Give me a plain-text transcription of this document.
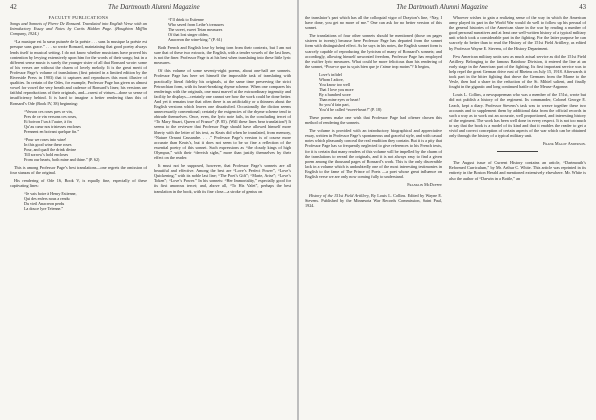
42	The Dartmouth Alumni Magazine
FACULTY PUBLICATIONS

Songs and Sonnets of Pierre De Ronsard. Translated into English Verse with an Introductory Essay and Notes by Curtis Hidden Page. (Houghton Mifflin Company, 1924.)

“La musique est la sœur puisnée de la poésie . . . sans la musique la poésie est presque sans grace.” . . . so wrote Ronsard, maintaining that good poetry always lends itself to musical setting. I do not know whether musicians have proved his contention by levying extensively upon him for the words of their songs; but in a different sense music is surely the younger sister of all that Ronsard wrote: some of his verses are without the charm of lovely melody. It is the great merit of Professor Page’s volume of translations (first printed in a limited edition by the Riverside Press in 1903) that it captures and reproduces this most illusive of qualities. In certain of the Odes, for example, Professor Page has given us almost vowel for vowel the very breath and cadence of Ronsard’s lines; his versions are faithful reproductions of their originals, and—rarest of virtues—done so sense of insufficiency behind. It is hard to imagine a better rendering than this of Ronsard’s Ode (Book IV, 38) beginning:

“Verson ces roses pres ce vin,
Pres de ce vin versons ces roses,
Et boivon l’un à l’autre, à fin
Qu’au cœur nos tristesses encloses
Prennent en boivant quelque fin.”
“Pour we roses into wine!
In this good wine these roses
Pour, and quaff the drink divine
Till sorrow’s hold encloses
From our hearts, both mine and thine.” (P. 62)

This is among Professor Page’s best translations—one regrets the omission of four stanzas of the original.

His rendering of Ode 16, Book V, is equally fine, especially of these captivating lines:

“Je vais boire à Henry Estienne,
Qui des enfers nous a rendu
Du vieil Anacreon perdu
La douce lyre Teïenne.”
“I’ll drink to Estienne
Who saved from Lethe’s treasures
The sweet, sweet Teian measures
Of that lost singer olden,
Anacreon the wine-king.” (P. 61)

Both French and English lose by being torn from their contexts, but I am not sure that of these two extracts, the English, with a tender vowels of the last lines, is not the finer. Professor Page is at his best when translating into these little lyric measures.

Of this volume of some seventy-eight poems, about one-half are sonnets. Professor Page has here set himself the impossible task of translating with practically literal fidelity his originals, at the same time preserving the strict Petrarchian form, with its heart-breaking rhyme scheme. When one compares his renderings with the originals, one must marvel at the extraordinary ingenuity and facility he displays—certainly one cannot see how the work could be done better. And yet it remains true that often there is an artificiality or a thinness about the English versions which leaves one dissatisfied. Occasionally the diction seems unnecessarily conventional; certainly the exigencies of the rhyme scheme tend to obtrude themselves. Once, even, the lyric note fails, in the concluding tercet of “To Mary Stuart, Queen of France” (P. 85). (Will these lines bear translation?) It seems to the reviewer that Professor Page should have allowed himself more liberty with the letter of his text, as Keats did when he translated, from memory, “Nature Ornant Cassandre. . . .” Professor Page’s version is of course more accurate than Keats’s, but it does not seem to be so fine a reflection of the essential poetry of this sonnet. Such expressions as “the cloudy kings of high Olympus,” with their “dervish sighs,” more than justify themselves by their effect on the reader.

It must not be supposed, however, that Professor Page’s sonnets are all beautiful and effective. Among the best are “Love’s Perfect Power”, “Love’s Quickening,” with its noble last line; “The Poet’s Gift”; “Marie, Arise”; “Love’s Token”; “Love’s Power.” In his sonnets: “Her Immortality,” especially good for its first amorous tercet; and, above all, “To His Valet”, perhaps the best translation in the book, with its fine close—a stroke of genius on

The Dartmouth Alumni Magazine	43

the translator’s part which has all the colloquial vigor of Drayton’s line, “Nay, I have done, you get no more of me.” One can ask for no better version of this sonnet.

The translations of four other sonnets should be mentioned (those on pages sixteen to twenty) because here Professor Page has departed from the sonnet form with distinguished effect. As he says in his notes, the English sonnet form is scarcely capable of reproducing the lyricism of many of Ronsard’s sonnets; and accordingly, allowing himself unwonted freedom, Professor Page has employed the swifter lyric measures. What could be more felicitous than his rendering of the sonnet, “Pour-ce que tu sçais bien que je t’aime trop moins”? It begins,

Love’s infidel
Whom I adore,
You know too well
That I love you more
By a hundred score
Than mine eyes or heart!
So you’d fain part,
You’d be called “sweet-heart!” (P. 18)

These poems make one wish that Professor Page had oftener chosen this method of rendering the sonnets.

The volume is provided with an introductory biographical and appreciative essay, written in Professor Page’s spontaneous and graceful style, and with casual notes which pleasantly conceal the real erudition they contain. But it is a pity that Professor Page has so frequently neglected to give references to his French texts, for it is certain that many readers of this volume will be impelled by the charm of the translations to reread the originals, and it is not always easy to find a given poem among the thousand pages of Ronsard’s work. This is the only discernible lack in a volume which is undoubtedly one of the most interesting testimonies in English to the fame of The Prince of Poets —a poet whose great influence on English verse we are only now coming fully to understand.

Franklin McDuffee

History of the 151st Field Artillery, By Louis L. Collins. Edited by Wayne E. Stevens. Published by the Minnesota War Records Commission, Saint Paul, 1924.

Whoever wishes to gain a realizing sense of the way in which the American army played its part in the World War would do well to follow up his perusal of the general histories of the American share in the war by reading a number of good personal narratives and at least one well-written history of a typical military unit which took a considerable part in the fighting. For the latter purpose he can scarcely do better than to read the History of the 151st Field Artillery, as edited by Professor Wayne E. Stevens, of the History Department.

Few American military units saw as much actual service as did the 151st Field Artillery. Belonging to the famous Rainbow Division, it entered the line at an early stage in the American part of the fighting. Its first important service was to help repel the great German drive east of Rheims on July 15, 1918. Afterwards it took part in the bitter fighting that drove the Germans from the Marne to the Vesle, then had a share in the reduction of the St. Mihiel salient, and finally fought in the gigantic and long continued battle of the Meuse-Argonne.

Louis L. Collins, a newspaperman who was a member of the 151st, wrote but did not publish a history of the regiment. Its commander, Colonel George E. Leach, kept a diary. Professor Stevens’s task was to weave together these two accounts and to supplement them by additional data from the official records in such a way as to work out an accurate, well proportioned, and interesting history of the regiment. The work has been well done in every respect. It is not too much to say that the book is a model of its kind and that it enables the reader to get a vivid and correct conception of certain aspects of the war which can be obtained only through the history of a typical military unit.

Frank Maloy Anderson.

The August issue of Current History contains an article, “Dartmouth’s Reformed Curriculum,” by Mr. Arthur C. White. This article was reprinted in its entirety in the Boston Herald and mentioned extensively elsewhere. Mr. White is also the author of “Darwin in a Bottle,” an
